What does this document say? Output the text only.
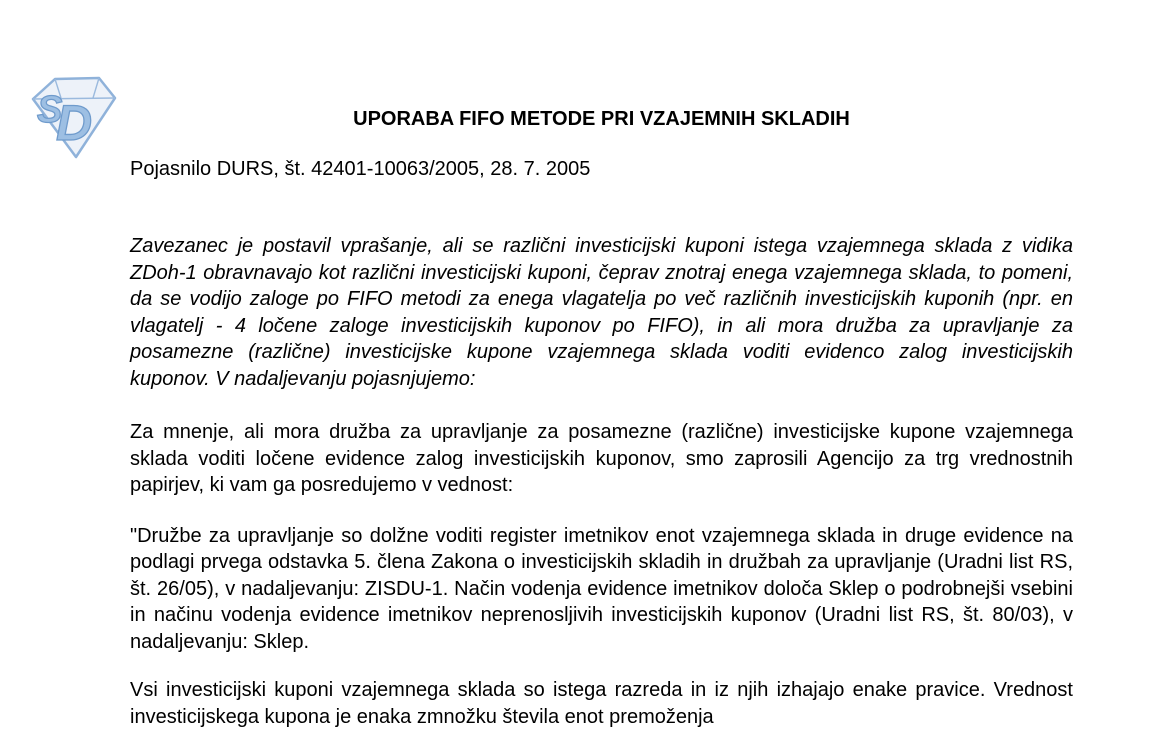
S
D	UPORABA FIFO METODE PRI VZAJEMNIH SKLADIH
Pojasnilo DURS, št. 42401-10063/2005, 28. 7. 2005
Zavezanec je postavil vprašanje, ali se različni investicijski kuponi istega vzajemnega sklada z vidika ZDoh-1 obravnavajo kot različni investicijski kuponi, čeprav znotraj enega vzajemnega sklada, to pomeni, da se vodijo zaloge po FIFO metodi za enega vlagatelja po več različnih investicijskih kuponih (npr. en vlagatelj - 4 ločene zaloge investicijskih kuponov po FIFO), in ali mora družba za upravljanje za posamezne (različne) investicijske kupone vzajemnega sklada voditi evidenco zalog investicijskih kuponov. V nadaljevanju pojasnjujemo:
Za mnenje, ali mora družba za upravljanje za posamezne (različne) investicijske kupone vzajemnega sklada voditi ločene evidence zalog investicijskih kuponov, smo zaprosili Agencijo za trg vrednostnih papirjev, ki vam ga posredujemo v vednost:
"Družbe za upravljanje so dolžne voditi register imetnikov enot vzajemnega sklada in druge evidence na podlagi prvega odstavka 5. člena Zakona o investicijskih skladih in družbah za upravljanje (Uradni list RS, št. 26/05), v nadaljevanju: ZISDU-1. Način vodenja evidence imetnikov določa Sklep o podrobnejši vsebini in načinu vodenja evidence imetnikov neprenosljivih investicijskih kuponov (Uradni list RS, št. 80/03), v nadaljevanju: Sklep.
Vsi investicijski kuponi vzajemnega sklada so istega razreda in iz njih izhajajo enake pravice. Vrednost investicijskega kupona je enaka zmnožku števila enot premoženja
